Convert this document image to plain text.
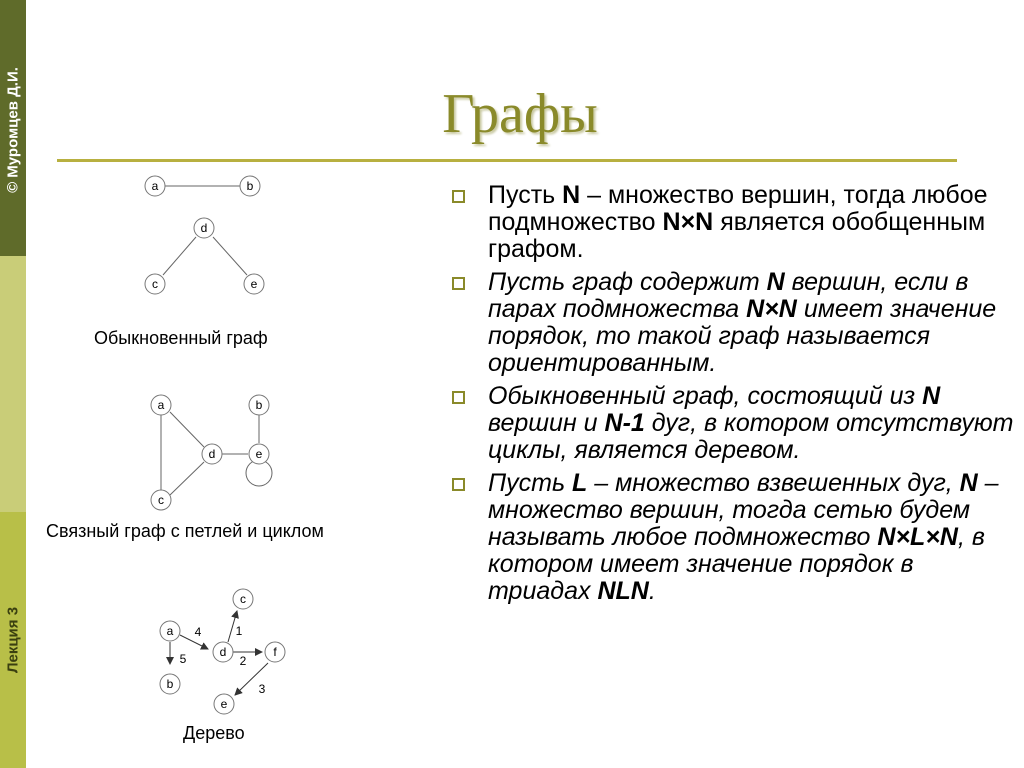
© Муромцев Д.И.
Лекция 3
Графы
a	b
d
c	e
a	b
d	e
c
c
a
d	f
b
e
4	1
5	2
3
Обыкновенный граф
Связный граф с петлей и циклом
Дерево
Пусть N – множество вершин, тогда любое подмножество N×N является обобщенным графом.
Пусть граф содержит N вершин, если в парах подмножества N×N имеет значение порядок, то такой граф называется ориентированным.
Обыкновенный граф, состоящий из N вершин и N-1 дуг, в котором отсутствуют циклы, является деревом.
Пусть L – множество взвешенных дуг, N – множество вершин, тогда сетью будем называть любое подмножество N×L×N, в котором имеет значение порядок в триадах NLN.
